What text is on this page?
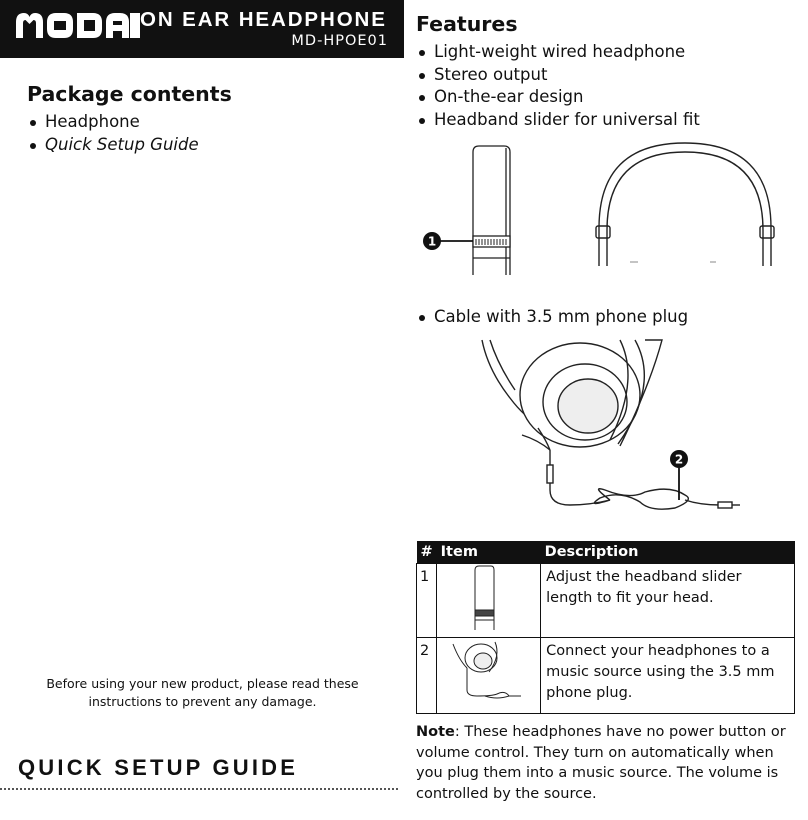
™ ON EAR HEADPHONE
MD-HPOE01
Package contents
Headphone
Quick Setup Guide
Before using your new product, please read these instructions to prevent any damage.
QUICK SETUP GUIDE
Features
Light-weight wired headphone
Stereo output
On-the-ear design
Headband slider for universal fit
1
Cable with 3.5 mm phone plug
2
#	Item	Description
1		Adjust the headband slider length to fit your head.
2		Connect your headphones to a music source using the 3.5 mm phone plug.
Note: These headphones have no power button or volume control. They turn on automatically when you plug them into a music source. The volume is controlled by the source.
